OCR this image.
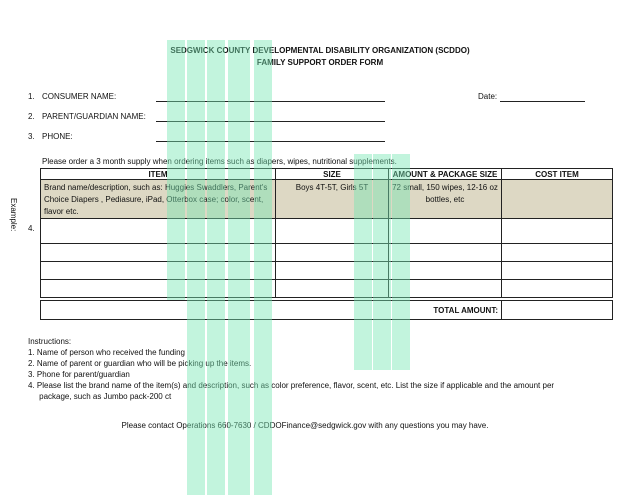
SEDGWICK COUNTY DEVELOPMENTAL DISABILITY ORGANIZATION (SCDDO)
FAMILY SUPPORT ORDER FORM
1. CONSUMER NAME:	Date:
2. PARENT/GUARDIAN NAME:
3. PHONE:
Please order a 3 month supply when ordering items such as diapers, wipes, nutritional supplements.
Example: 4.
ITEM	SIZE	AMOUNT & PACKAGE SIZE	COST ITEM
Brand name/description, such as: Huggies Swaddlers, Parent's Choice Diapers , Pediasure, iPad, Otterbox case; color, scent, flavor etc.	Boys 4T-5T, Girls 5T	72 small, 150 wipes, 12-16 oz bottles, etc	

TOTAL AMOUNT:			
Instructions:
1. Name of person who received the funding
2. Name of parent or guardian who will be picking up the items.
3. Phone for parent/guardian
4. Please list the brand name of the item(s) and description, such as color preference, flavor, scent, etc. List the size if applicable and the amount per
package, such as Jumbo pack-200 ct
Please contact Operations 660-7630 / CDDOFinance@sedgwick.gov with any questions you may have.
